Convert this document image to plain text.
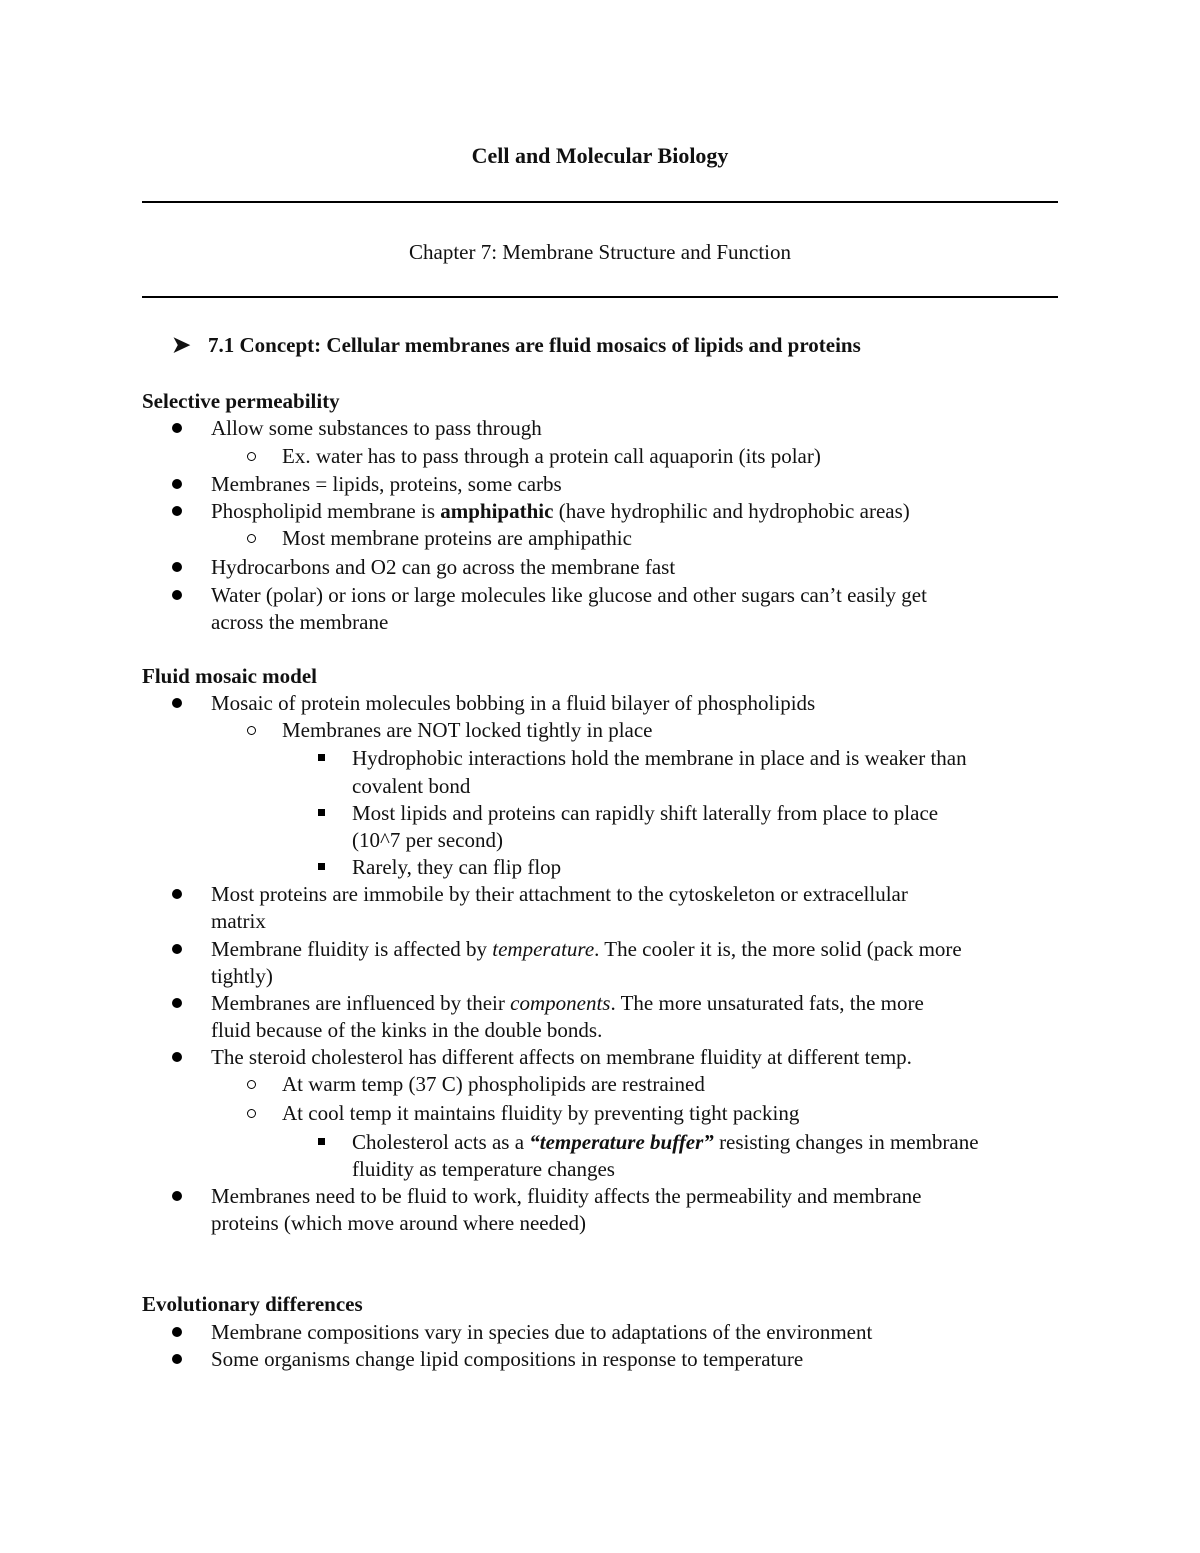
Cell and Molecular Biology
Chapter 7: Membrane Structure and Function
➤ 7.1 Concept: Cellular membranes are fluid mosaics of lipids and proteins
Selective permeability
Allow some substances to pass through
Ex. water has to pass through a protein call aquaporin (its polar)
Membranes = lipids, proteins, some carbs
Phospholipid membrane is amphipathic (have hydrophilic and hydrophobic areas)
Most membrane proteins are amphipathic
Hydrocarbons and O2 can go across the membrane fast
Water (polar) or ions or large molecules like glucose and other sugars can’t easily get
across the membrane
Fluid mosaic model
Mosaic of protein molecules bobbing in a fluid bilayer of phospholipids
Membranes are NOT locked tightly in place
Hydrophobic interactions hold the membrane in place and is weaker than
covalent bond
Most lipids and proteins can rapidly shift laterally from place to place
(10^7 per second)
Rarely, they can flip flop
Most proteins are immobile by their attachment to the cytoskeleton or extracellular
matrix
Membrane fluidity is affected by temperature. The cooler it is, the more solid (pack more
tightly)
Membranes are influenced by their components. The more unsaturated fats, the more
fluid because of the kinks in the double bonds.
The steroid cholesterol has different affects on membrane fluidity at different temp.
At warm temp (37 C) phospholipids are restrained
At cool temp it maintains fluidity by preventing tight packing
Cholesterol acts as a “temperature buffer” resisting changes in membrane
fluidity as temperature changes
Membranes need to be fluid to work, fluidity affects the permeability and membrane
proteins (which move around where needed)
Evolutionary differences
Membrane compositions vary in species due to adaptations of the environment
Some organisms change lipid compositions in response to temperature
